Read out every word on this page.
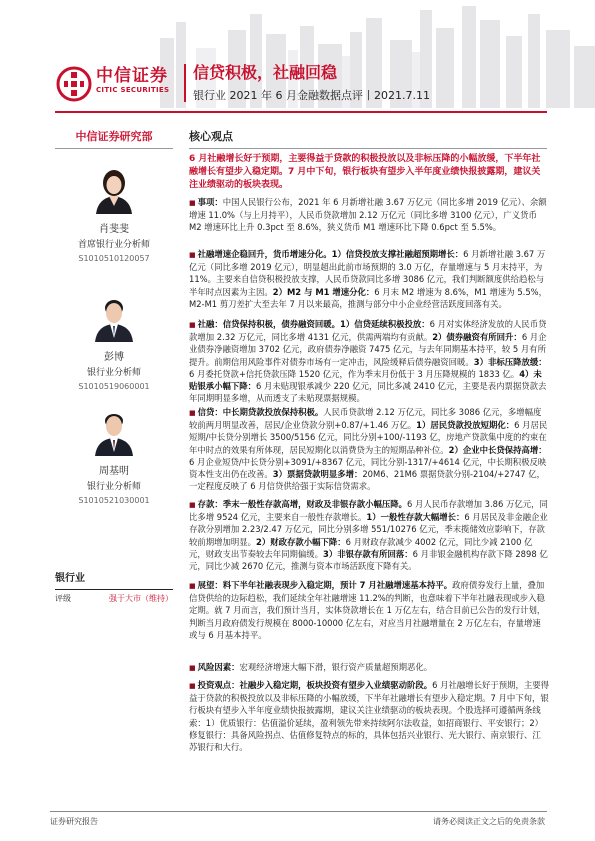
中信证券
CITIC SECURITIES
信贷积极，社融回稳
银行业 2021 年 6 月金融数据点评丨2021.7.11
中信证券研究部
肖斐斐
首席银行业分析师
S1010510120057
彭博
银行业分析师
S1010519060001
周基明
银行业分析师
S1010521030001
银行业
评级	强于大市（维持）
核心观点
6 月社融增长好于预期，主要得益于贷款的积极投放以及非标压降的小幅放缓，下半年社融增长有望步入稳定期。7 月中下旬，银行板块有望步入半年度业绩快报披露期，建议关注业绩驱动的板块表现。
■ 事项：中国人民银行公布，2021 年 6 月新增社融 3.67 万亿元（同比多增 2019 亿元）、余额增速 11.0%（与上月持平），人民币贷款增加 2.12 万亿元（同比多增 3100 亿元），广义货币 M2 增速环比上升 0.3pct 至 8.6%，狭义货币 M1 增速环比下降 0.6pct 至 5.5%。
■ 社融增速企稳回升，货币增速分化。1）信贷投放支撑社融超预期增长：6 月新增社融 3.67 万亿元（同比多增 2019 亿元），明显超出此前市场预期的 3.0 万亿，存量增速与 5 月末持平，为 11%。主要来自信贷积极投放支撑，人民币贷款同比多增 3086 亿元，我们判断额度供给趋松与半年时点因素为主因。2）M2 与 M1 增速分化：6 月末 M2 增速为 8.6%，M1 增速为 5.5%，M2-M1 剪刀差扩大至去年 7 月以来最高，推测与部分中小企业经营活跃度回落有关。
■ 社融：信贷保持积极，债券融资回暖。1）信贷延续积极投放：6 月对实体经济发放的人民币贷款增加 2.32 万亿元，同比多增 4131 亿元，供需两端均有贡献。2）债券融资有所回升：6 月企业债券净融资增加 3702 亿元，政府债券净融资 7475 亿元，与去年同期基本持平，较 5 月有所提升。前期信用风险事件对债券市场有一定冲击，风险缓释后债券融资回暖。3）非标压降放缓：6 月委托贷款+信托贷款压降 1520 亿元，作为季末月份低于 3 月压降规模的 1833 亿。4）未贴银承小幅下降：6 月未贴现银承减少 220 亿元，同比多减 2410 亿元，主要是表内票据贷款去年同期明显多增，从而透支了未贴现票据规模。
■ 信贷：中长期贷款投放保持积极。人民币贷款增 2.12 万亿元，同比多 3086 亿元，多增幅度较前两月明显改善，居民/企业贷款分别+0.87/+1.46 万亿。1）居民贷款投放短期化：6 月居民短期/中长贷分别增长 3500/5156 亿元，同比分别+100/-1193 亿，房地产贷款集中度的约束在年中时点的效果有所体现，居民短期化以消费贷为主的短期品种补位。2）企业中长贷保持高增：6 月企业短贷/中长贷分别+3091/+8367 亿元，同比分别-1317/+4614 亿元，中长期积极反映资本性支出仍在改善。3）票据贷款明显多增：20M6、21M6 票据贷款分别-2104/+2747 亿，一定程度反映了 6 月信贷供给强于实际信贷需求。
■ 存款：季末一般性存款高增，财政及非银存款小幅压降。6 月人民币存款增加 3.86 万亿元，同比多增 9524 亿元，主要来自一般性存款增长。1）一般性存款大幅增长：6 月居民及非金融企业存款分别增加 2.23/2.47 万亿元，同比分别多增 551/10276 亿元，季末揽储效应影响下，存款较前期增加明显。2）财政存款小幅下降：6 月财政存款减少 4002 亿元，同比少减 2100 亿元，财政支出节奏较去年同期偏缓。3）非银存款有所回落：6 月非银金融机构存款下降 2898 亿元，同比少减 2670 亿元，推测与资本市场活跃度下降有关。
■ 展望：料下半年社融表现步入稳定期，预计 7 月社融增速基本持平。政府债券发行上量，叠加信贷供给的边际趋松，我们延续全年社融增速 11.2%的判断，也意味着下半年社融表现或步入稳定期。就 7 月而言，我们预计当月，实体贷款增长在 1 万亿左右，结合目前已公告的发行计划，判断当月政府债发行规模在 8000-10000 亿左右，对应当月社融增量在 2 万亿左右，存量增速或与 6 月基本持平。
■ 风险因素：宏观经济增速大幅下滑，银行资产质量超预期恶化。
■ 投资观点：社融步入稳定期，板块投资有望步入业绩驱动阶段。6 月社融增长好于预期，主要得益于贷款的积极投放以及非标压降的小幅放缓，下半年社融增长有望步入稳定期。7 月中下旬，银行板块有望步入半年度业绩快报披露期，建议关注业绩驱动的板块表现。个股选择可遵循两条线索：1）优质银行：估值溢价延续，盈利领先带来持续阿尔法收益，如招商银行、平安银行；2）修复银行：具备风险拐点、估值修复特点的标的，具体包括兴业银行、光大银行、南京银行、江苏银行和大行。
证券研究报告	请务必阅读正文之后的免责条款
